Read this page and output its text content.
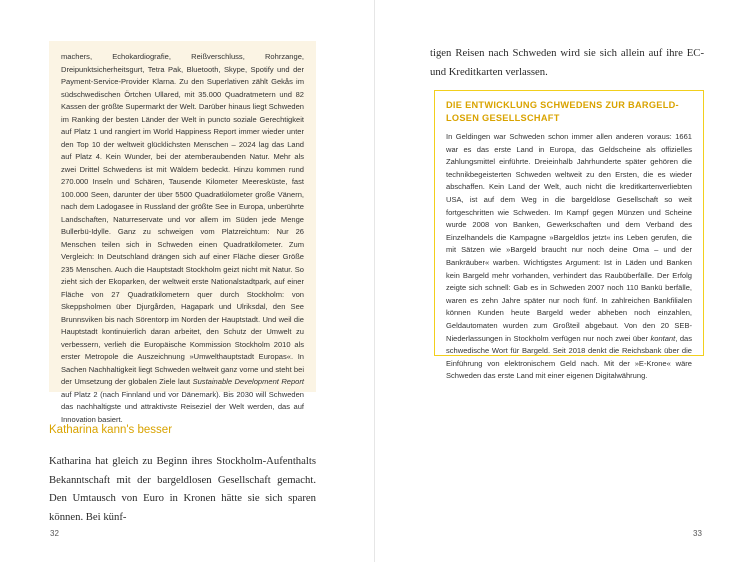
machers, Echokardiografie, Reißverschluss, Rohrzange, Dreipunktsicherheitsgurt, Tetra Pak, Bluetooth, Skype, Spotify und der Payment-Service-Provider Klarna. Zu den Superlativen zählt Gekås im südschwedischen Örtchen Ullared, mit 35.000 Quadratmetern und 82 Kassen der größte Supermarkt der Welt. Darüber hinaus liegt Schweden im Ranking der besten Länder der Welt in puncto soziale Gerechtigkeit auf Platz 1 und rangiert im World Happiness Report immer wieder unter den Top 10 der weltweit glücklichsten Menschen – 2024 lag das Land auf Platz 4. Kein Wunder, bei der atemberaubenden Natur. Mehr als zwei Drittel Schwedens ist mit Wäldern bedeckt. Hinzu kommen rund 270.000 Inseln und Schären, Tausende Kilometer Meeresküste, fast 100.000 Seen, darunter der über 5500 Quadratkilometer große Vänern, nach dem Ladogasee in Russland der größte See in Europa, unberührte Landschaften, Naturreservate und vor allem im Süden jede Menge Bullerbü-Idylle. Ganz zu schweigen vom Platzreichtum: Nur 26 Menschen teilen sich in Schweden einen Quadratkilometer. Zum Vergleich: In Deutschland drängen sich auf einer Fläche dieser Größe 235 Menschen. Auch die Hauptstadt Stockholm geizt nicht mit Natur. So zieht sich der Ekoparken, der weltweit erste Nationalstadtpark, auf einer Fläche von 27 Quadratkilometern quer durch Stockholm: von Skeppsholmen über Djurgården, Hagapark und Ulriksdal, den See Brunnsviken bis nach Sörentorp im Norden der Hauptstadt. Und weil die Hauptstadt kontinuierlich daran arbeitet, den Schutz der Umwelt zu verbessern, verlieh die Europäische Kommission Stockholm 2010 als erster Metropole die Auszeichnung »Umwelthauptstadt Europas«. In Sachen Nachhaltigkeit liegt Schweden weltweit ganz vorne und steht bei der Umsetzung der globalen Ziele laut Sustainable Development Report auf Platz 2 (nach Finnland und vor Dänemark). Bis 2030 will Schweden das nachhaltigste und attraktivste Reiseziel der Welt werden, das auf Innovation basiert.

Katharina kann's besser

Katharina hat gleich zu Beginn ihres Stockholm-Aufenthalts Bekanntschaft mit der bargeldlosen Gesellschaft gemacht. Den Umtausch von Euro in Kronen hätte sie sich sparen können. Bei künf-

32

tigen Reisen nach Schweden wird sie sich allein auf ihre EC- und Kreditkarten verlassen.

DIE ENTWICKLUNG SCHWEDENS ZUR BARGELD-
LOSEN GESELLSCHAFT

In Geldingen war Schweden schon immer allen anderen voraus: 1661 war es das erste Land in Europa, das Geldscheine als offizielles Zahlungsmittel einführte. Dreieinhalb Jahrhunderte später gehören die technikbegeisterten Schweden weltweit zu den Ersten, die es wieder abschaffen. Kein Land der Welt, auch nicht die kreditkartenverliebten USA, ist auf dem Weg in die bargeldlose Gesellschaft so weit fortgeschritten wie Schweden. Im Kampf gegen Münzen und Scheine wurde 2008 von Banken, Gewerkschaften und dem Verband des Einzelhandels die Kampagne »Bargeldlos jetzt« ins Leben gerufen, die mit Sätzen wie »Bargeld braucht nur noch deine Oma – und der Bankräuber« warben. Wichtigstes Argument: Ist in Läden und Banken kein Bargeld mehr vorhanden, verhindert das Raubüberfälle. Der Erfolg zeigte sich schnell: Gab es in Schweden 2007 noch 110 Bankü berfälle, waren es zehn Jahre später nur noch fünf. In zahlreichen Bankfilialen können Kunden heute Bargeld weder abheben noch einzahlen, Geldautomaten wurden zum Großteil abgebaut. Von den 20 SEB-Niederlassungen in Stockholm verfügen nur noch zwei über kontant, das schwedische Wort für Bargeld. Seit 2018 denkt die Reichsbank über die Einführung von elektronischem Geld nach. Mit der »E-Krone« wäre Schweden das erste Land mit einer eigenen Digitalwährung.

33
